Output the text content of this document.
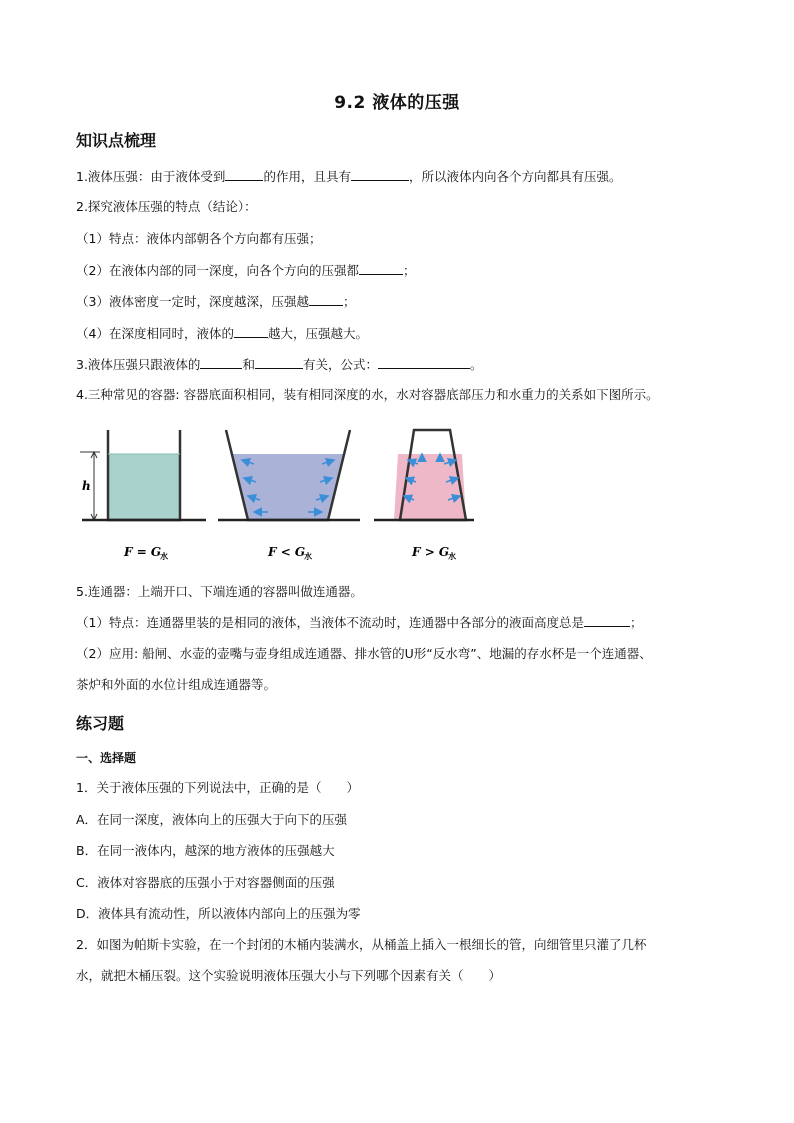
9.2 液体的压强
知识点梳理
1.液体压强：由于液体受到	的作用，且具有	，所以液体内向各个方向都具有压强。
2.探究液体压强的特点（结论）：
（1）特点：液体内部朝各个方向都有压强；
（2）在液体内部的同一深度，向各个方向的压强都	；
（3）液体密度一定时，深度越深，压强越	；
（4）在深度相同时，液体的	越大，压强越大。
3.液体压强只跟液体的	和	有关，公式：	。
4.三种常见的容器: 容器底面积相同，装有相同深度的水，水对容器底部压力和水重力的关系如下图所示。
h
F = G
水	F < G
水	F > G
水
5.连通器：上端开口、下端连通的容器叫做连通器。
（1）特点：连通器里装的是相同的液体，当液体不流动时，连通器中各部分的液面高度总是	；
（2）应用: 船闸、水壶的壶嘴与壶身组成连通器、排水管的U形“反水弯”、地漏的存水杯是一个连通器、
茶炉和外面的水位计组成连通器等。
练习题
一、选择题
1．关于液体压强的下列说法中，正确的是（　　）
A．在同一深度，液体向上的压强大于向下的压强
B．在同一液体内，越深的地方液体的压强越大
C．液体对容器底的压强小于对容器侧面的压强
D．液体具有流动性，所以液体内部向上的压强为零
2．如图为帕斯卡实验，在一个封闭的木桶内装满水，从桶盖上插入一根细长的管，向细管里只灌了几杯
水，就把木桶压裂。这个实验说明液体压强大小与下列哪个因素有关（　　）
